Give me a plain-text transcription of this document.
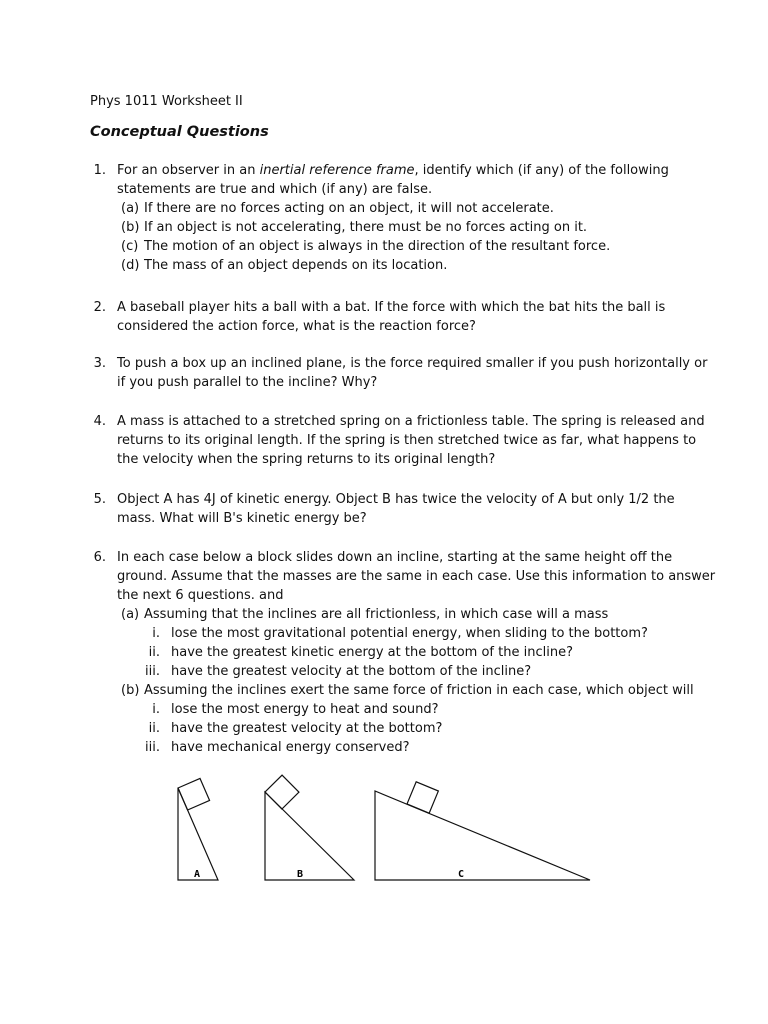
Phys 1011 Worksheet II
Conceptual Questions
1. For an observer in an inertial reference frame, identify which (if any) of the following
statements are true and which (if any) are false.
(a) If there are no forces acting on an object, it will not accelerate.
(b) If an object is not accelerating, there must be no forces acting on it.
(c) The motion of an object is always in the direction of the resultant force.
(d) The mass of an object depends on its location.
2. A baseball player hits a ball with a bat. If the force with which the bat hits the ball is
considered the action force, what is the reaction force?
3. To push a box up an inclined plane, is the force required smaller if you push horizontally or
if you push parallel to the incline? Why?
4. A mass is attached to a stretched spring on a frictionless table. The spring is released and
returns to its original length. If the spring is then stretched twice as far, what happens to
the velocity when the spring returns to its original length?
5. Object A has 4J of kinetic energy. Object B has twice the velocity of A but only 1/2 the
mass. What will B's kinetic energy be?
6. In each case below a block slides down an incline, starting at the same height off the
ground. Assume that the masses are the same in each case. Use this information to answer
the next 6 questions. and
(a) Assuming that the inclines are all frictionless, in which case will a mass
i. lose the most gravitational potential energy, when sliding to the bottom?
ii. have the greatest kinetic energy at the bottom of the incline?
iii. have the greatest velocity at the bottom of the incline?
(b) Assuming the inclines exert the same force of friction in each case, which object will
i. lose the most energy to heat and sound?
ii. have the greatest velocity at the bottom?
iii. have mechanical energy conserved?
A	B	C
